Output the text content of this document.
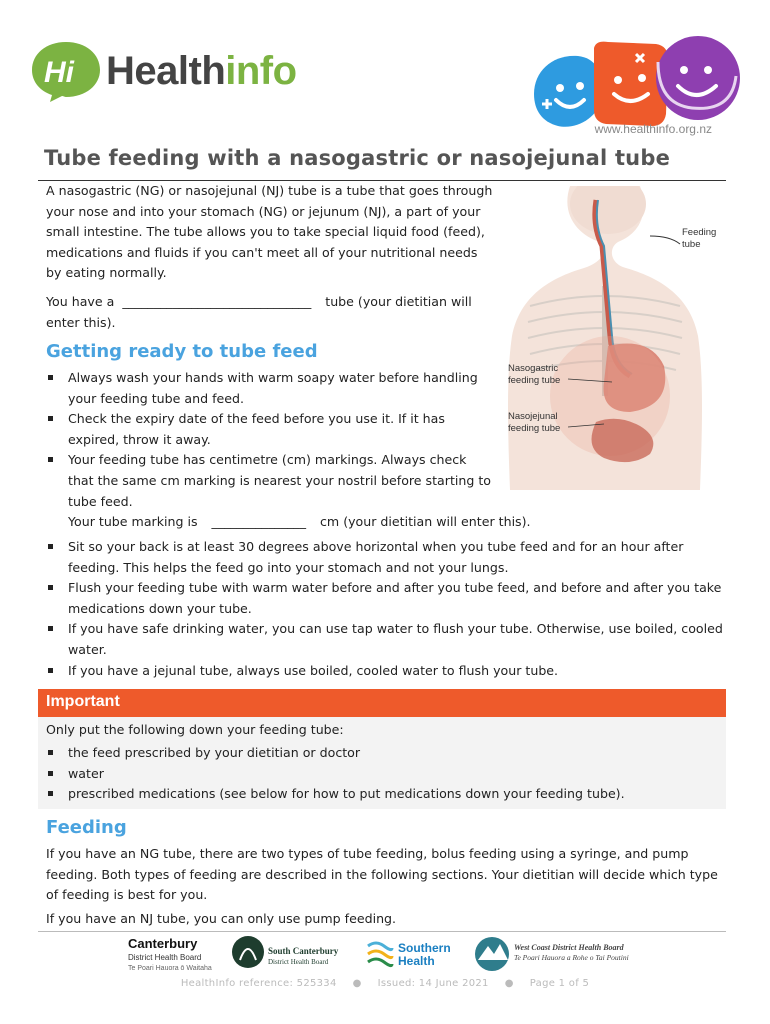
Hi Healthinfo
www.healthinfo.org.nz
Tube feeding with a nasogastric or nasojejunal tube

A nasogastric (NG) or nasojejunal (NJ) tube is a tube that goes through your nose and into your stomach (NG) or jejunum (NJ), a part of your small intestine. The tube allows you to take special liquid food (feed), medications and fluids if you can't meet all of your nutritional needs by eating normally.

You have a ______________________________ tube (your dietitian will enter this).

Feeding
tube
Nasogastric
feeding tube
Nasojejunal
feeding tube
Getting ready to tube feed
Always wash your hands with warm soapy water before handling your feeding tube and feed.
Check the expiry date of the feed before you use it. If it has expired, throw it away.
Your feeding tube has centimetre (cm) markings. Always check that the same cm marking is nearest your nostril before starting to tube feed.
Your tube marking is _______________ cm (your dietitian will enter this).
Sit so your back is at least 30 degrees above horizontal when you tube feed and for an hour after feeding. This helps the feed go into your stomach and not your lungs.
Flush your feeding tube with warm water before and after you tube feed, and before and after you take medications down your tube.
If you have safe drinking water, you can use tap water to flush your tube. Otherwise, use boiled, cooled water.
If you have a jejunal tube, always use boiled, cooled water to flush your tube.
Important

Only put the following down your feeding tube:

the feed prescribed by your dietitian or doctor
water
prescribed medications (see below for how to put medications down your feeding tube).
Feeding

If you have an NG tube, there are two types of tube feeding, bolus feeding using a syringe, and pump feeding. Both types of feeding are described in the following sections. Your dietitian will decide which type of feeding is best for you.

If you have an NJ tube, you can only use pump feeding.

Canterbury
District Health Board
Te Poari Hauora ō Waitaha
South Canterbury
District Health Board
Southern
Health
West Coast District Health Board
Te Poari Hauora a Rohe o Tai Poutini
HealthInfo reference: 525334 ● Issued: 14 June 2021 ● Page 1 of 5
